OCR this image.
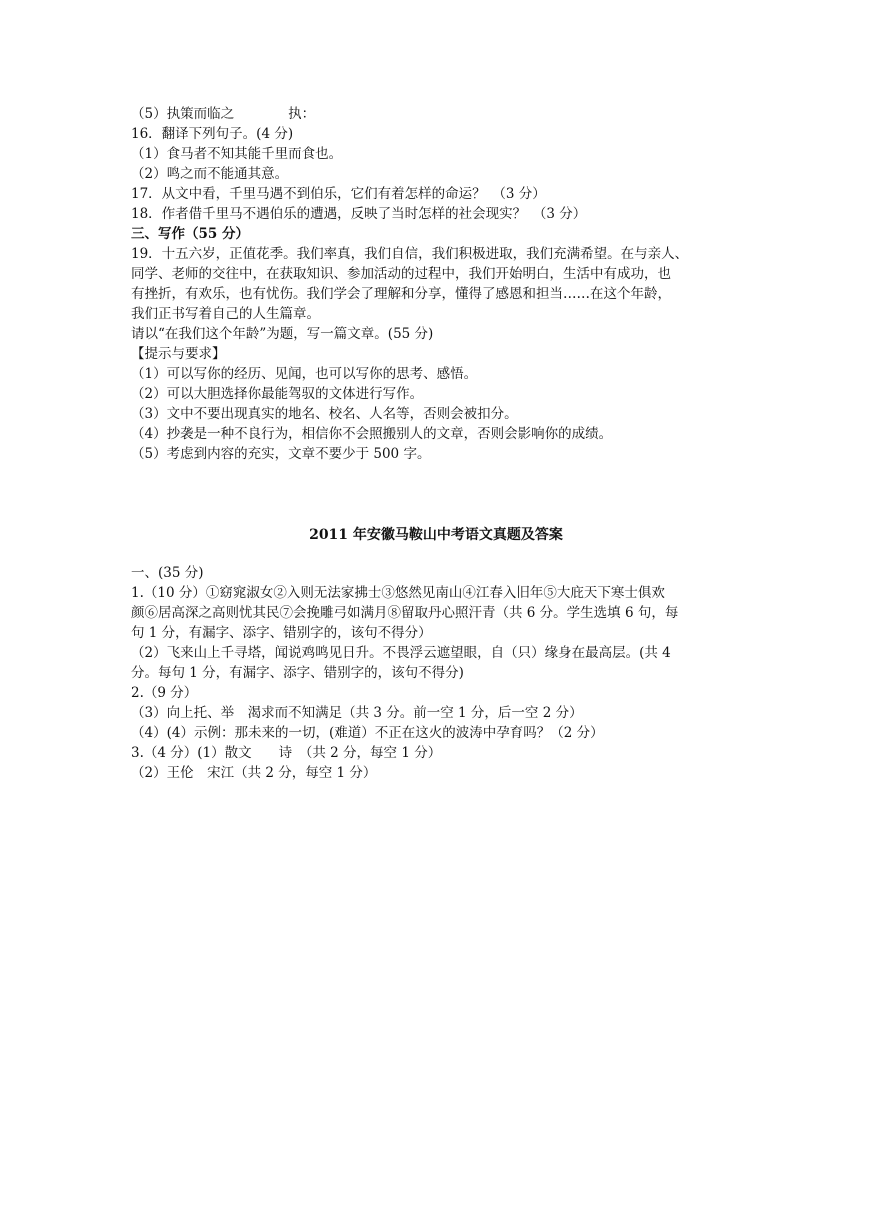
（5）执策而临之　　　　执：
16．翻译下列句子。(4 分)
（1）食马者不知其能千里而食也。
（2）鸣之而不能通其意。
17．从文中看，千里马遇不到伯乐，它们有着怎样的命运？　（3 分）
18．作者借千里马不遇伯乐的遭遇，反映了当时怎样的社会现实？　（3 分）
三、写作（55 分）
19．十五六岁，正值花季。我们率真，我们自信，我们积极进取，我们充满希望。在与亲人、
同学、老师的交往中，在获取知识、参加活动的过程中，我们开始明白，生活中有成功，也
有挫折，有欢乐，也有忧伤。我们学会了理解和分享，懂得了感恩和担当……在这个年龄，
我们正书写着自己的人生篇章。
请以“在我们这个年龄”为题，写一篇文章。(55 分)
【提示与要求】
（1）可以写你的经历、见闻，也可以写你的思考、感悟。
（2）可以大胆选择你最能驾驭的文体进行写作。
（3）文中不要出现真实的地名、校名、人名等，否则会被扣分。
（4）抄袭是一种不良行为，相信你不会照搬别人的文章，否则会影响你的成绩。
（5）考虑到内容的充实，文章不要少于 500 字。
2011 年安徽马鞍山中考语文真题及答案
一、(35 分)
1.（10 分）①窈窕淑女②入则无法家拂士③悠然见南山④江春入旧年⑤大庇天下寒士俱欢
颜⑥居高深之高则忧其民⑦会挽雕弓如满月⑧留取丹心照汗青（共 6 分。学生选填 6 句，每
句 1 分，有漏字、添字、错别字的，该句不得分）
（2）飞来山上千寻塔，闻说鸡鸣见日升。不畏浮云遮望眼，自（只）缘身在最高层。(共 4
分。每句 1 分，有漏字、添字、错别字的，该句不得分)
2.（9 分）
（3）向上托、举　渴求而不知满足（共 3 分。前一空 1 分，后一空 2 分）
（4）(4）示例：那未来的一切，(难道）不正在这火的波涛中孕育吗？（2 分）
3.（4 分）(1）散文　　诗　（共 2 分，每空 1 分）
（2）王伦　宋江（共 2 分，每空 1 分）
